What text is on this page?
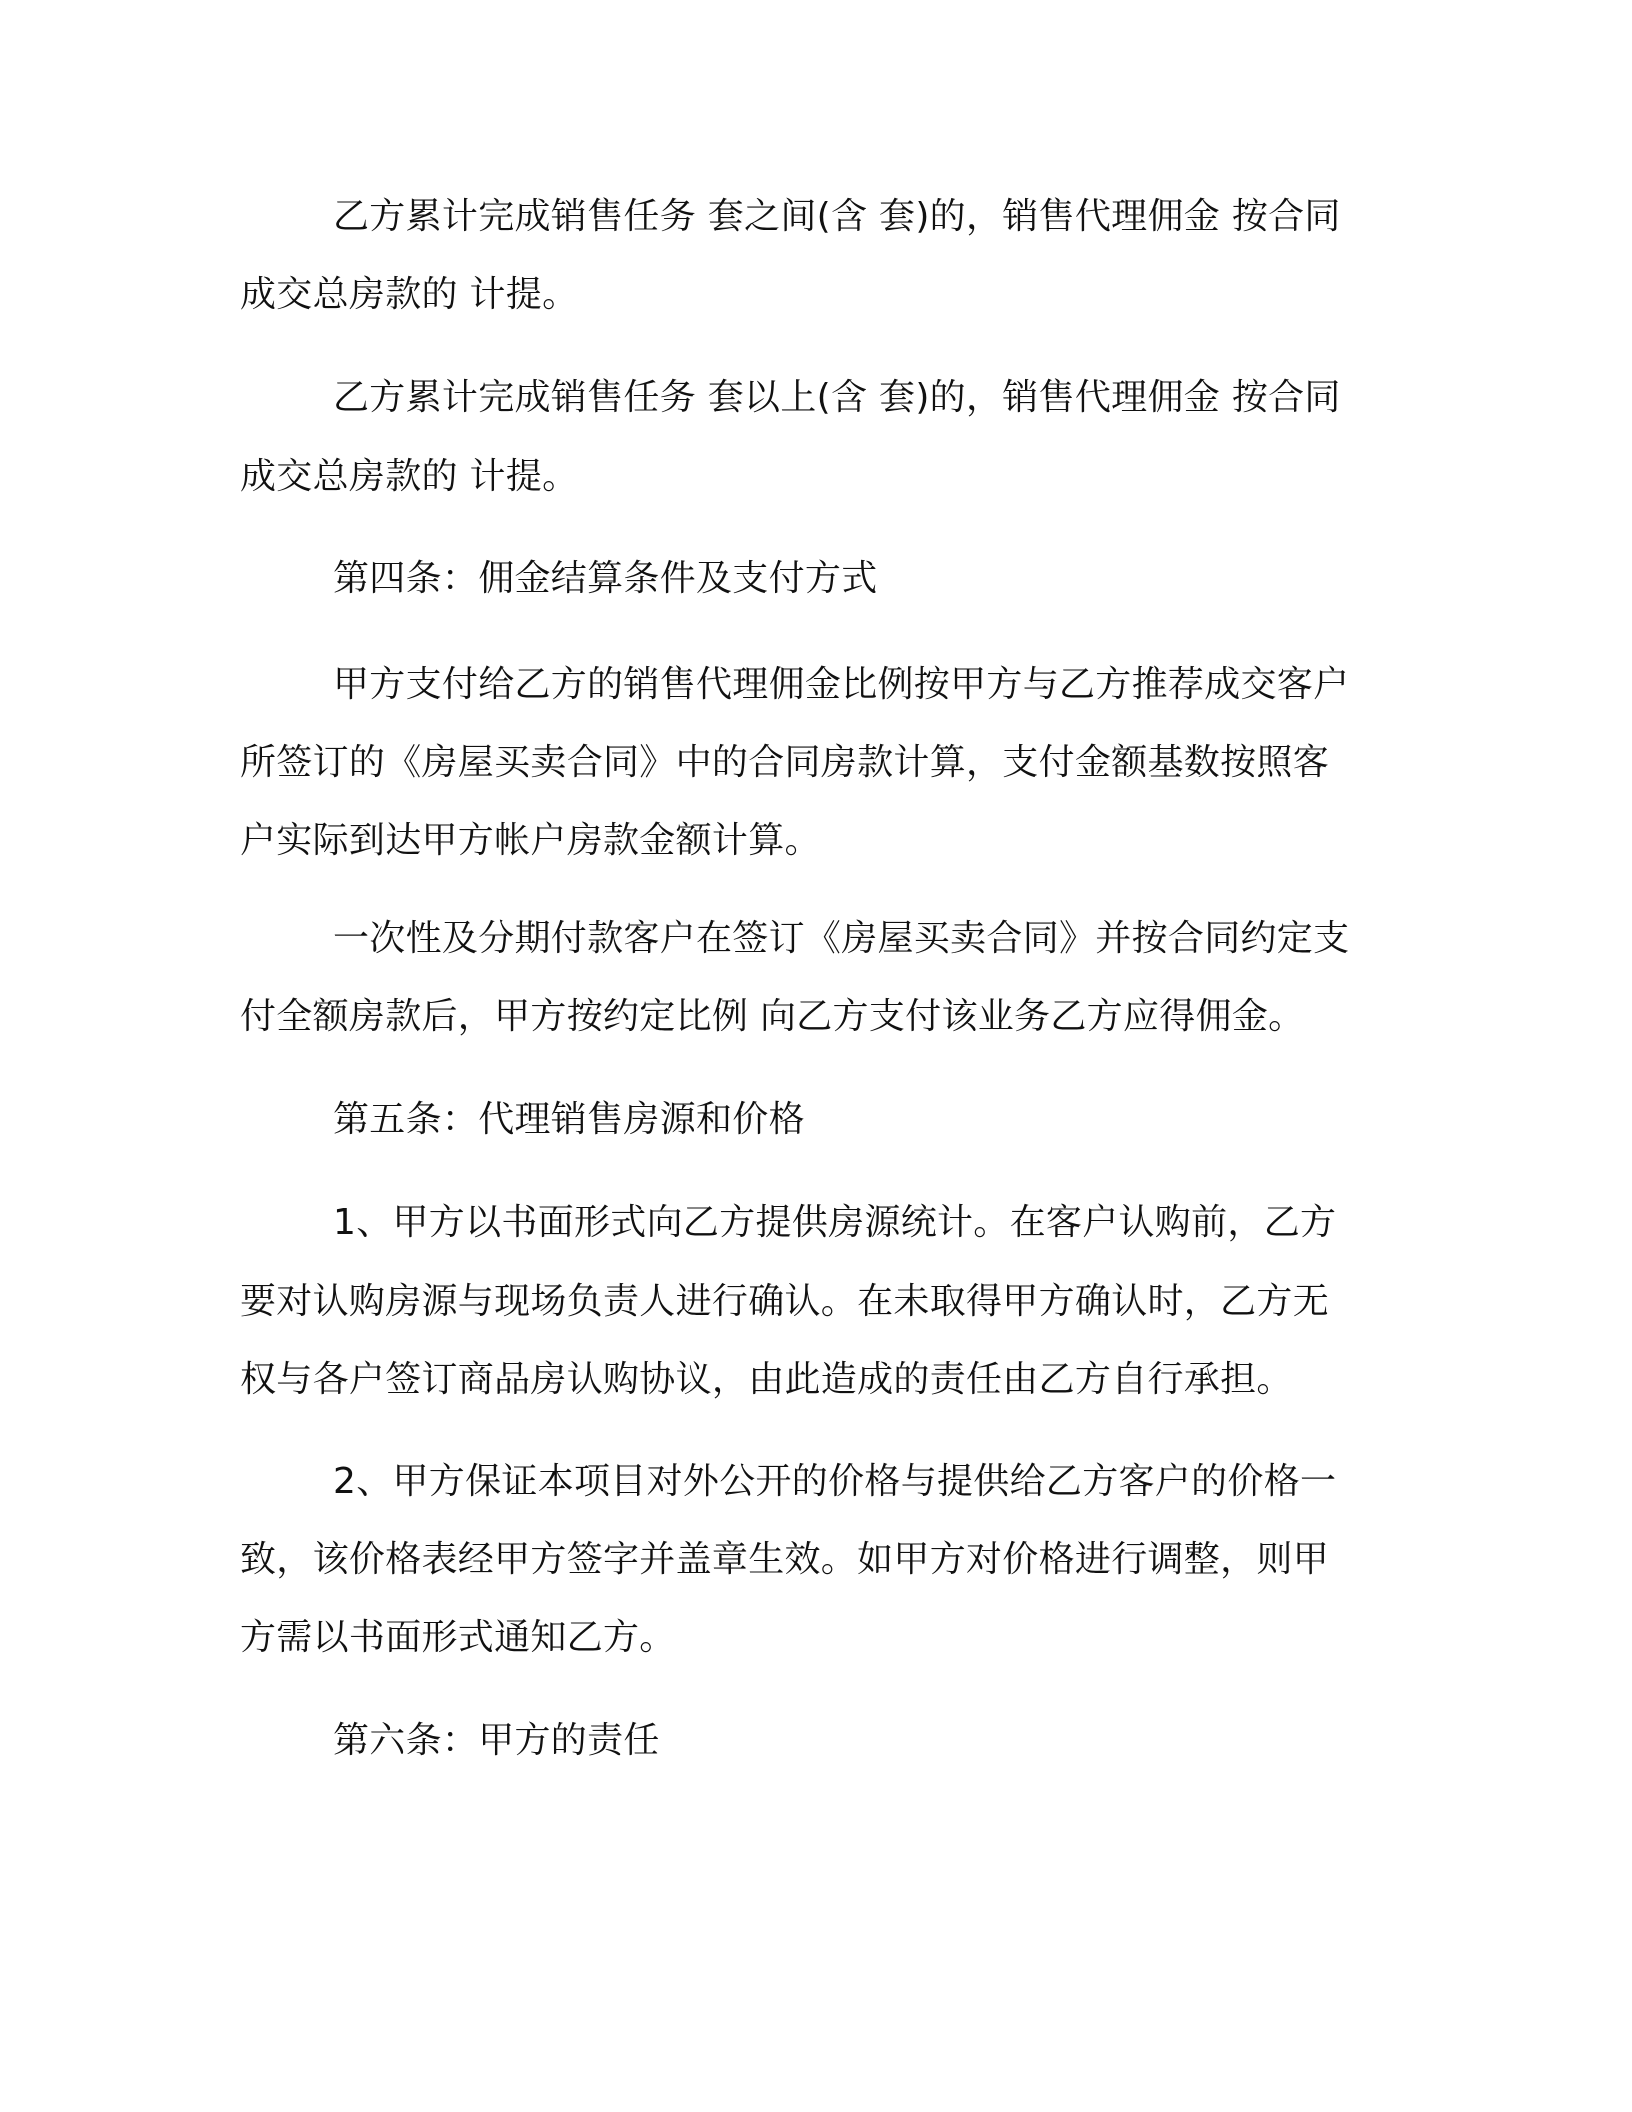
乙方累计完成销售任务 套之间(含 套)的，销售代理佣金 按合同

成交总房款的 计提。

乙方累计完成销售任务 套以上(含 套)的，销售代理佣金 按合同

成交总房款的 计提。

第四条：佣金结算条件及支付方式

甲方支付给乙方的销售代理佣金比例按甲方与乙方推荐成交客户

所签订的《房屋买卖合同》中的合同房款计算，支付金额基数按照客

户实际到达甲方帐户房款金额计算。

一次性及分期付款客户在签订《房屋买卖合同》并按合同约定支

付全额房款后，甲方按约定比例 向乙方支付该业务乙方应得佣金。

第五条：代理销售房源和价格

1、甲方以书面形式向乙方提供房源统计。在客户认购前，乙方

要对认购房源与现场负责人进行确认。在未取得甲方确认时，乙方无

权与各户签订商品房认购协议，由此造成的责任由乙方自行承担。

2、甲方保证本项目对外公开的价格与提供给乙方客户的价格一

致，该价格表经甲方签字并盖章生效。如甲方对价格进行调整，则甲

方需以书面形式通知乙方。

第六条：甲方的责任
